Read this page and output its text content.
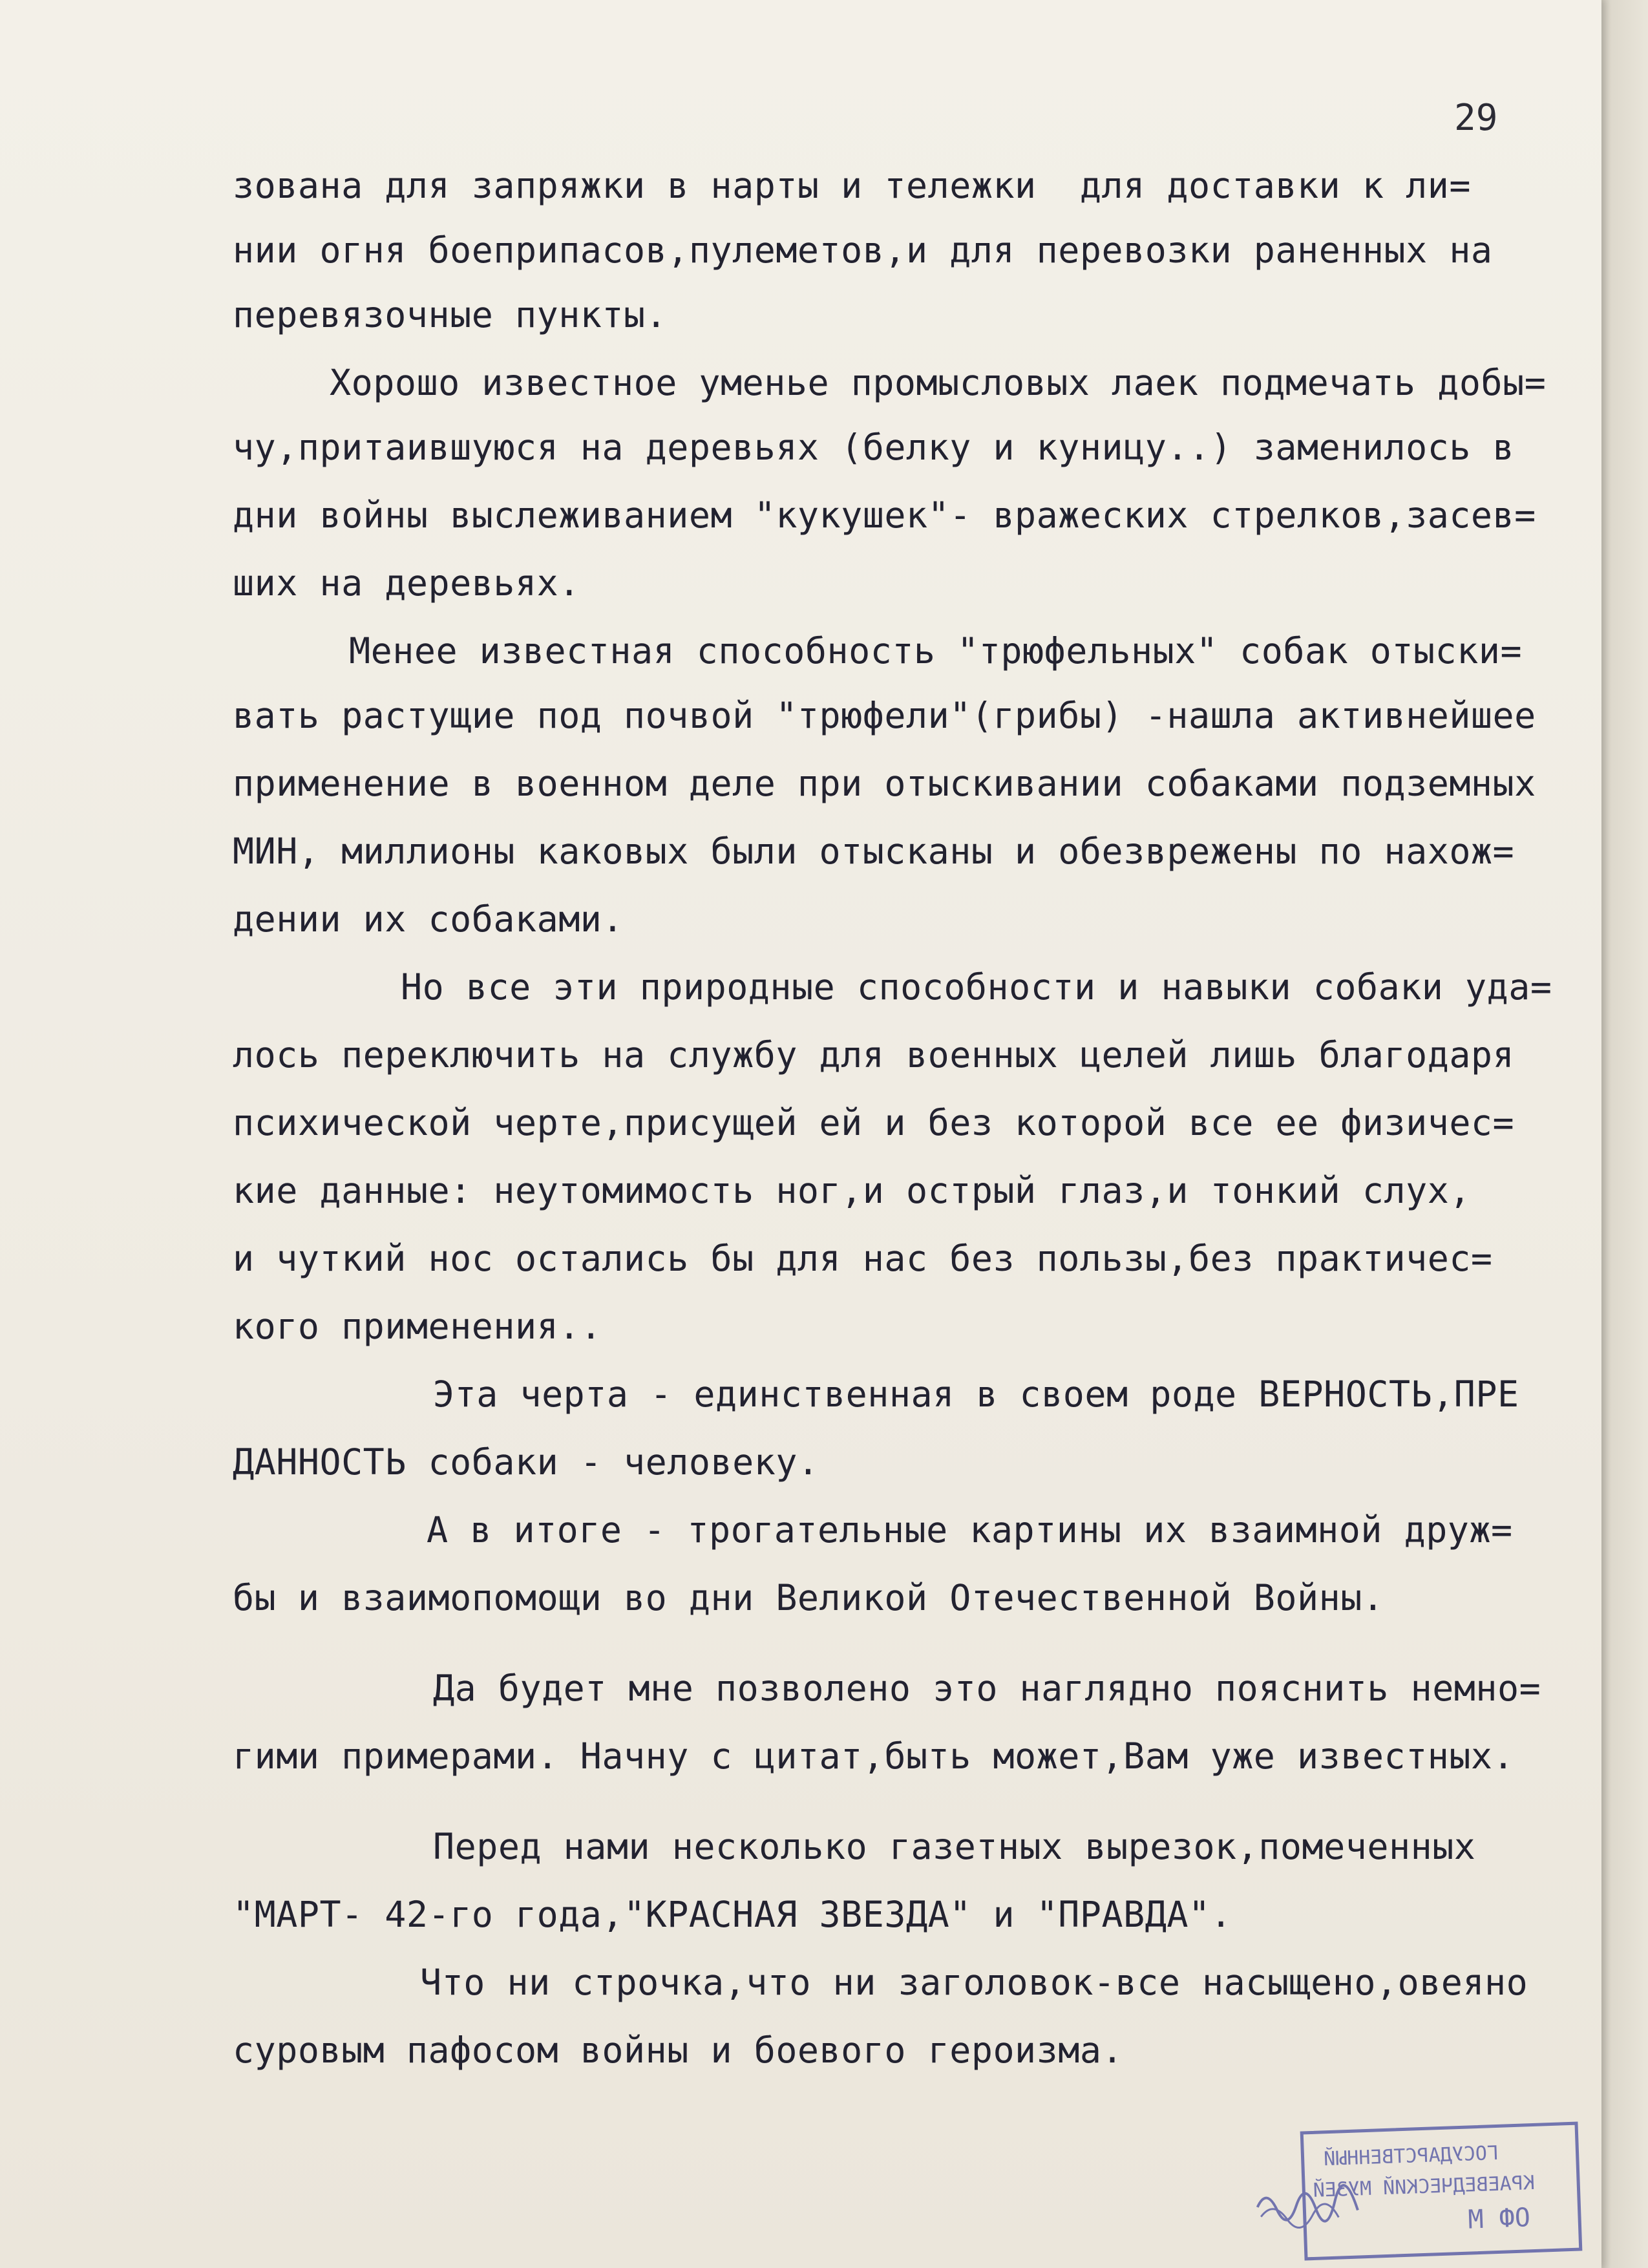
29
зована для запряжки в нарты и тележки  для доставки к ли=
нии огня боеприпасов,пулеметов,и для перевозки раненных на
перевязочные пункты.
Хорошо известное уменье промысловых лаек подмечать добы=
чу,притаившуюся на деревьях (белку и куницу..) заменилось в
дни войны выслеживанием "кукушек"- вражеских стрелков,засев=
ших на деревьях.
Менее известная способность "трюфельных" собак отыски=
вать растущие под почвой "трюфели"(грибы) -нашла активнейшее
применение в военном деле при отыскивании собаками подземных
МИН, миллионы каковых были отысканы и обезврежены по нахож=
дении их собаками.
Но все эти природные способности и навыки собаки уда=
лось переключить на службу для военных целей лишь благодаря
психической черте,присущей ей и без которой все ее физичес=
кие данные: неутомимость ног,и острый глаз,и тонкий слух,
и чуткий нос остались бы для нас без пользы,без практичес=
кого применения..
Эта черта - единственная в своем роде ВЕРНОСТЬ,ПРЕ
ДАННОСТЬ собаки - человеку.
А в итоге - трогательные картины их взаимной друж=
бы и взаимопомощи во дни Великой Отечественной Войны.
Да будет мне позволено это наглядно пояснить немно=
гими примерами. Начну с цитат,быть может,Вам уже известных.
Перед нами несколько газетных вырезок,помеченных
"МАРТ- 42-го года,"КРАСНАЯ ЗВЕЗДА" и "ПРАВДА".
Что ни строчка,что ни заголовок-все насыщено,овеяно
суровым пафосом войны и боевого героизма.
ГОСУДАРСТВЕННЫЙ
КРАЕВЕДЧЕСКИЙ МУЗЕЙ
М ФО
